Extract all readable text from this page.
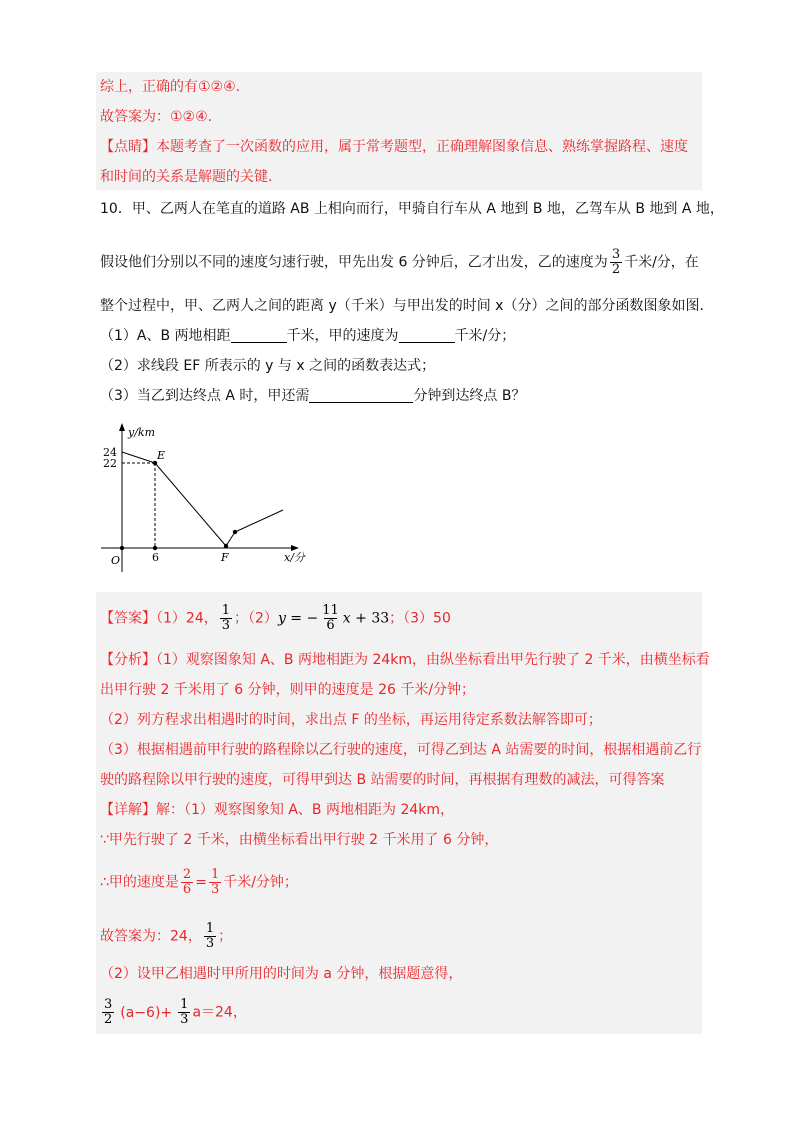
综上，正确的有①②④.
故答案为：①②④.
【点睛】本题考查了一次函数的应用，属于常考题型，正确理解图象信息、熟练掌握路程、速度
和时间的关系是解题的关键.
10．甲、乙两人在笔直的道路 AB 上相向而行，甲骑自行车从 A 地到 B 地，乙驾车从 B 地到 A 地，
假设他们分别以不同的速度匀速行驶，甲先出发 6 分钟后，乙才出发，乙的速度为 $\frac{3}{2}$ 千米/分，在
整个过程中，甲、乙两人之间的距离 y（千米）与甲出发的时间 x（分）之间的部分函数图象如图.
（1）A、B 两地相距	千米，甲的速度为	千米/分；
（2）求线段 EF 所表示的 y 与 x 之间的函数表达式；
（3）当乙到达终点 A 时，甲还需	分钟到达终点 B？
y/km
24
22
E
F
6
O	x/分
【答案】（1）24， $\frac{1}{3}$ ；（2）y = − $\frac{11}{6}$ x + 33；（3）50
【分析】（1）观察图象知 A、B 两地相距为 24km，由纵坐标看出甲先行驶了 2 千米，由横坐标看
出甲行驶 2 千米用了 6 分钟，则甲的速度是 26 千米/分钟；
（2）列方程求出相遇时的时间，求出点 F 的坐标，再运用待定系数法解答即可；
（3）根据相遇前甲行驶的路程除以乙行驶的速度，可得乙到达 A 站需要的时间，根据相遇前乙行
驶的路程除以甲行驶的速度，可得甲到达 B 站需要的时间，再根据有理数的减法，可得答案
【详解】解：（1）观察图象知 A、B 两地相距为 24km，
∵甲先行驶了 2 千米，由横坐标看出甲行驶 2 千米用了 6 分钟，
∴甲的速度是 $\frac{2}{6} = \frac{1}{3}$ 千米/分钟；
故答案为：24， $\frac{1}{3}$ ；
（2）设甲乙相遇时甲所用的时间为 a 分钟，根据题意得，
$\frac{3}{2} (a-6)+ \frac{1}{3} a=24$，
